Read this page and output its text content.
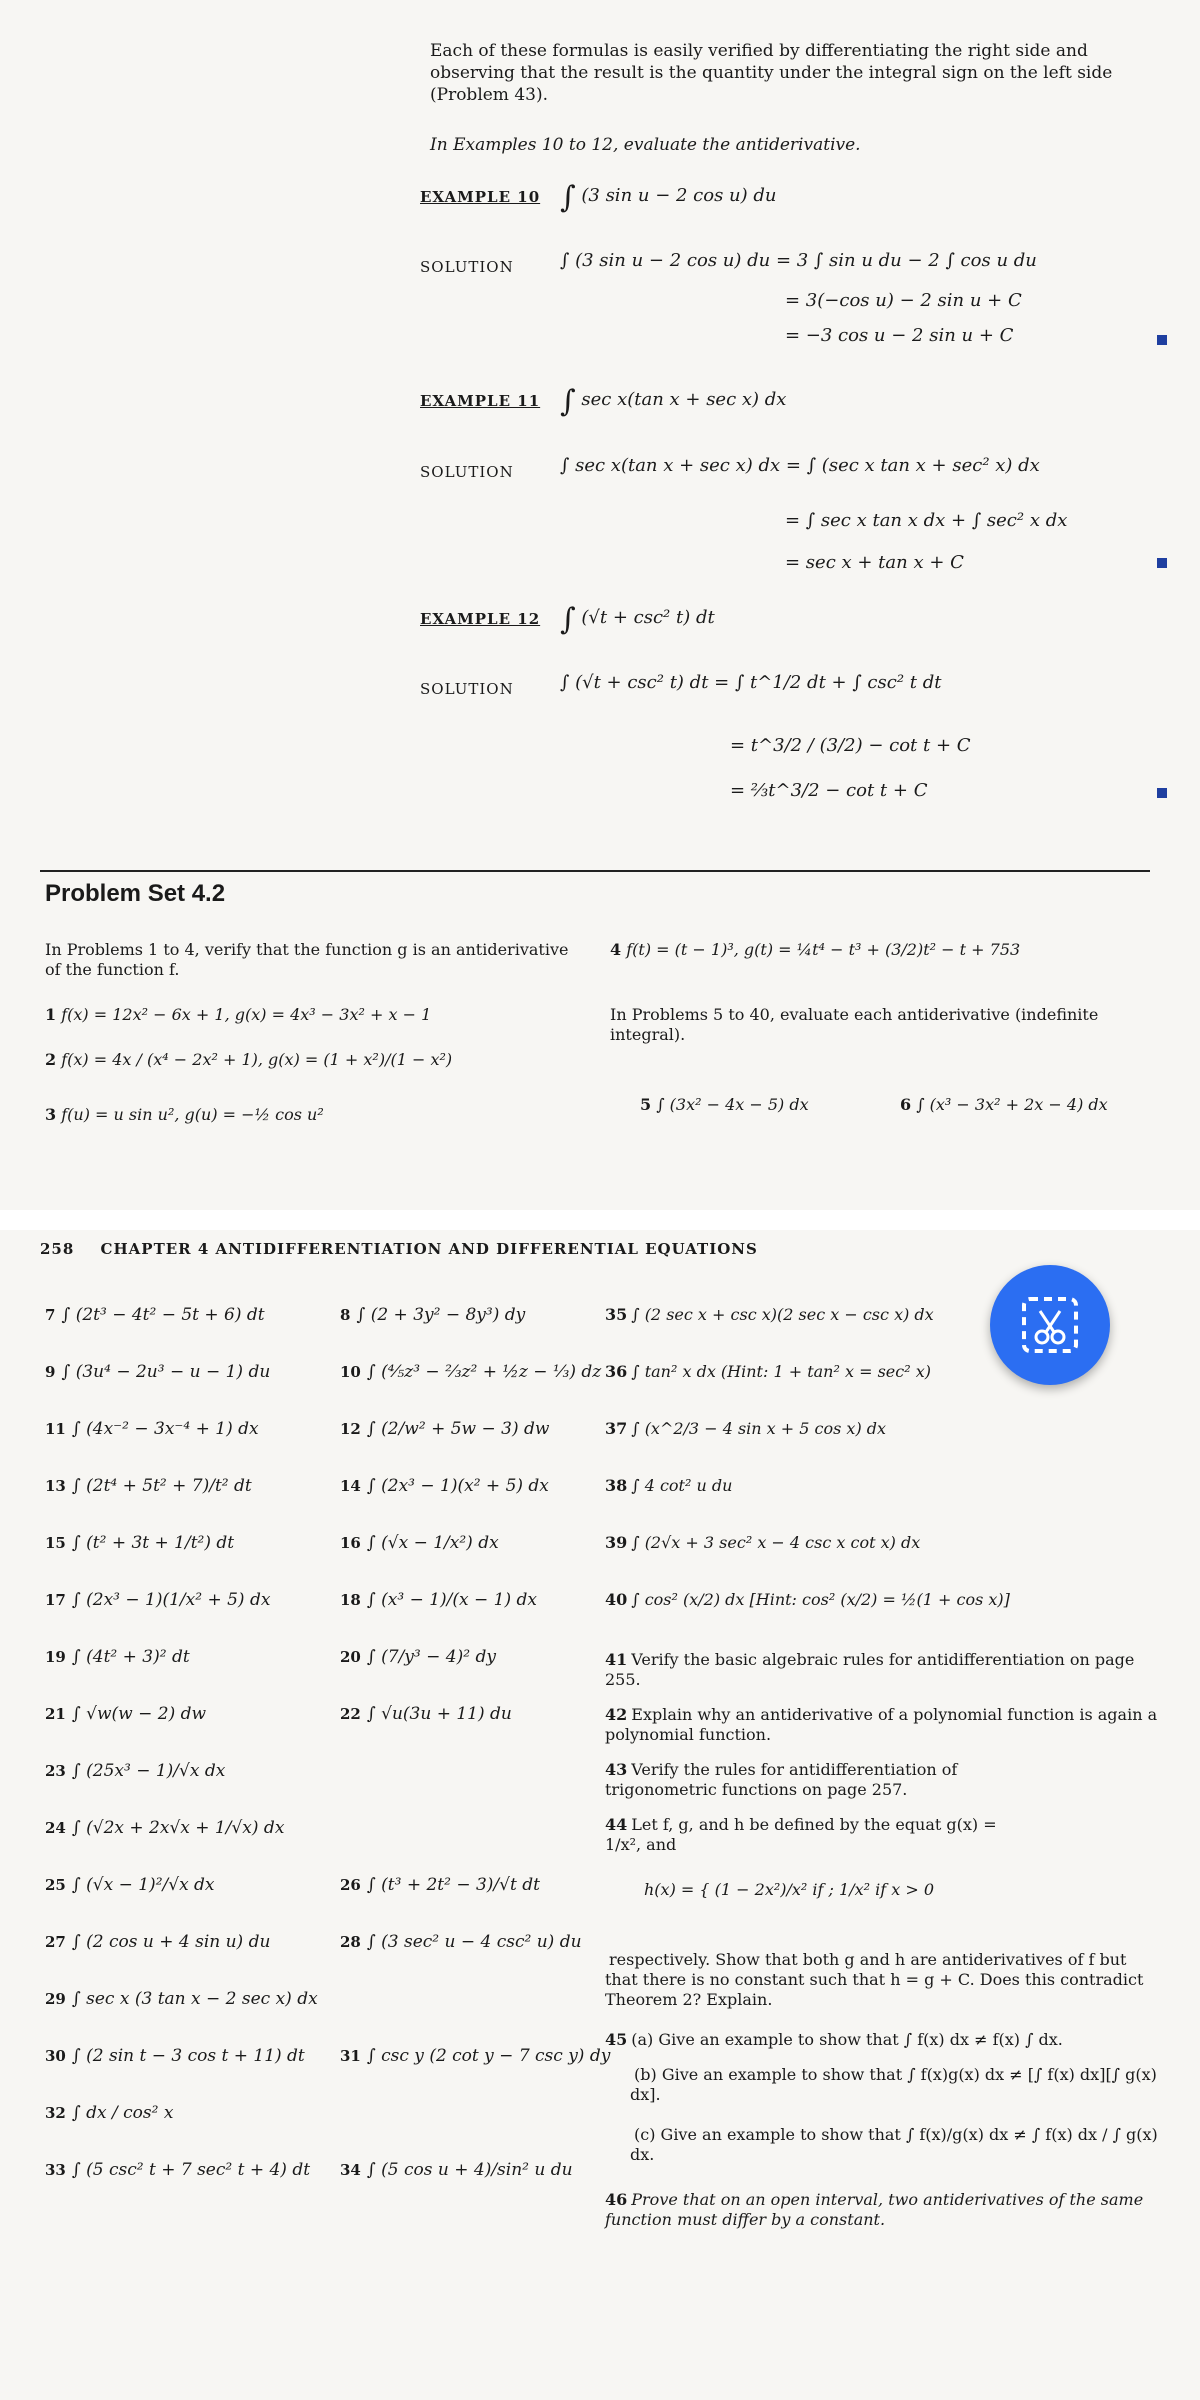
Each of these formulas is easily verified by differentiating the right side and observing that the result is the quantity under the integral sign on the left side (Problem 43).
In Examples 10 to 12, evaluate the antiderivative.
EXAMPLE 10 ∫ (3 sin u − 2 cos u) du
SOLUTION	∫ (3 sin u − 2 cos u) du = 3 ∫ sin u du − 2 ∫ cos u du
= 3(−cos u) − 2 sin u + C
= −3 cos u − 2 sin u + C
EXAMPLE 11 ∫ sec x(tan x + sec x) dx
SOLUTION	∫ sec x(tan x + sec x) dx = ∫ (sec x tan x + sec² x) dx
= ∫ sec x tan x dx + ∫ sec² x dx
= sec x + tan x + C
EXAMPLE 12 ∫ (√t + csc² t) dt
SOLUTION	∫ (√t + csc² t) dt = ∫ t^1/2 dt + ∫ csc² t dt
= t^3/2 / (3/2) − cot t + C
= ⅔t^3/2 − cot t + C
Problem Set 4.2
In Problems 1 to 4, verify that the function g is an antiderivative of the function f.
1 f(x) = 12x² − 6x + 1, g(x) = 4x³ − 3x² + x − 1
2 f(x) = 4x / (x⁴ − 2x² + 1), g(x) = (1 + x²)/(1 − x²)
3 f(u) = u sin u², g(u) = −½ cos u²
4 f(t) = (t − 1)³, g(t) = ¼t⁴ − t³ + (3/2)t² − t + 753
In Problems 5 to 40, evaluate each antiderivative (indefinite integral).
5 ∫ (3x² − 4x − 5) dx	6 ∫ (x³ − 3x² + 2x − 4) dx
258 CHAPTER 4 ANTIDIFFERENTIATION AND DIFFERENTIAL EQUATIONS
7 ∫ (2t³ − 4t² − 5t + 6) dt	8 ∫ (2 + 3y² − 8y³) dy
9 ∫ (3u⁴ − 2u³ − u − 1) du	10 ∫ (⅘z³ − ⅔z² + ½z − ⅓) dz
11 ∫ (4x⁻² − 3x⁻⁴ + 1) dx	12 ∫ (2/w² + 5w − 3) dw
13 ∫ (2t⁴ + 5t² + 7)/t² dt	14 ∫ (2x³ − 1)(x² + 5) dx
15 ∫ (t² + 3t + 1/t²) dt	16 ∫ (√x − 1/x²) dx
17 ∫ (2x³ − 1)(1/x² + 5) dx	18 ∫ (x³ − 1)/(x − 1) dx
19 ∫ (4t² + 3)² dt	20 ∫ (7/y³ − 4)² dy
21 ∫ √w(w − 2) dw	22 ∫ √u(3u + 11) du
23 ∫ (25x³ − 1)/√x dx
24 ∫ (√2x + 2x√x + 1/√x) dx
25 ∫ (√x − 1)²/√x dx	26 ∫ (t³ + 2t² − 3)/√t dt
27 ∫ (2 cos u + 4 sin u) du	28 ∫ (3 sec² u − 4 csc² u) du
29 ∫ sec x (3 tan x − 2 sec x) dx
30 ∫ (2 sin t − 3 cos t + 11) dt 31 ∫ csc y (2 cot y − 7 csc y) dy
32 ∫ dx / cos² x
33 ∫ (5 csc² t + 7 sec² t + 4) dt 34 ∫ (5 cos u + 4)/sin² u du
35 ∫ (2 sec x + csc x)(2 sec x − csc x) dx
36 ∫ tan² x dx (Hint: 1 + tan² x = sec² x)
37 ∫ (x^2/3 − 4 sin x + 5 cos x) dx
38 ∫ 4 cot² u du
39 ∫ (2√x + 3 sec² x − 4 csc x cot x) dx
40 ∫ cos² (x/2) dx [Hint: cos² (x/2) = ½(1 + cos x)]
41 Verify the basic algebraic rules for antidifferentiation on page 255.
42 Explain why an antiderivative of a polynomial function is again a polynomial function.
43 Verify the rules for antidifferentiation of trigonometric functions on page 257.
44 Let f, g, and h be defined by the equat g(x) = 1/x², and
h(x) = { (1 − 2x²)/x² if ; 1/x² if x > 0
respectively. Show that both g and h are antiderivatives of f but that there is no constant such that h = g + C. Does this contradict Theorem 2? Explain.
45 (a) Give an example to show that ∫ f(x) dx ≠ f(x) ∫ dx.
(b) Give an example to show that ∫ f(x)g(x) dx ≠ [∫ f(x) dx][∫ g(x) dx].
(c) Give an example to show that ∫ f(x)/g(x) dx ≠ ∫ f(x) dx / ∫ g(x) dx.
46 Prove that on an open interval, two antiderivatives of the same function must differ by a constant.
